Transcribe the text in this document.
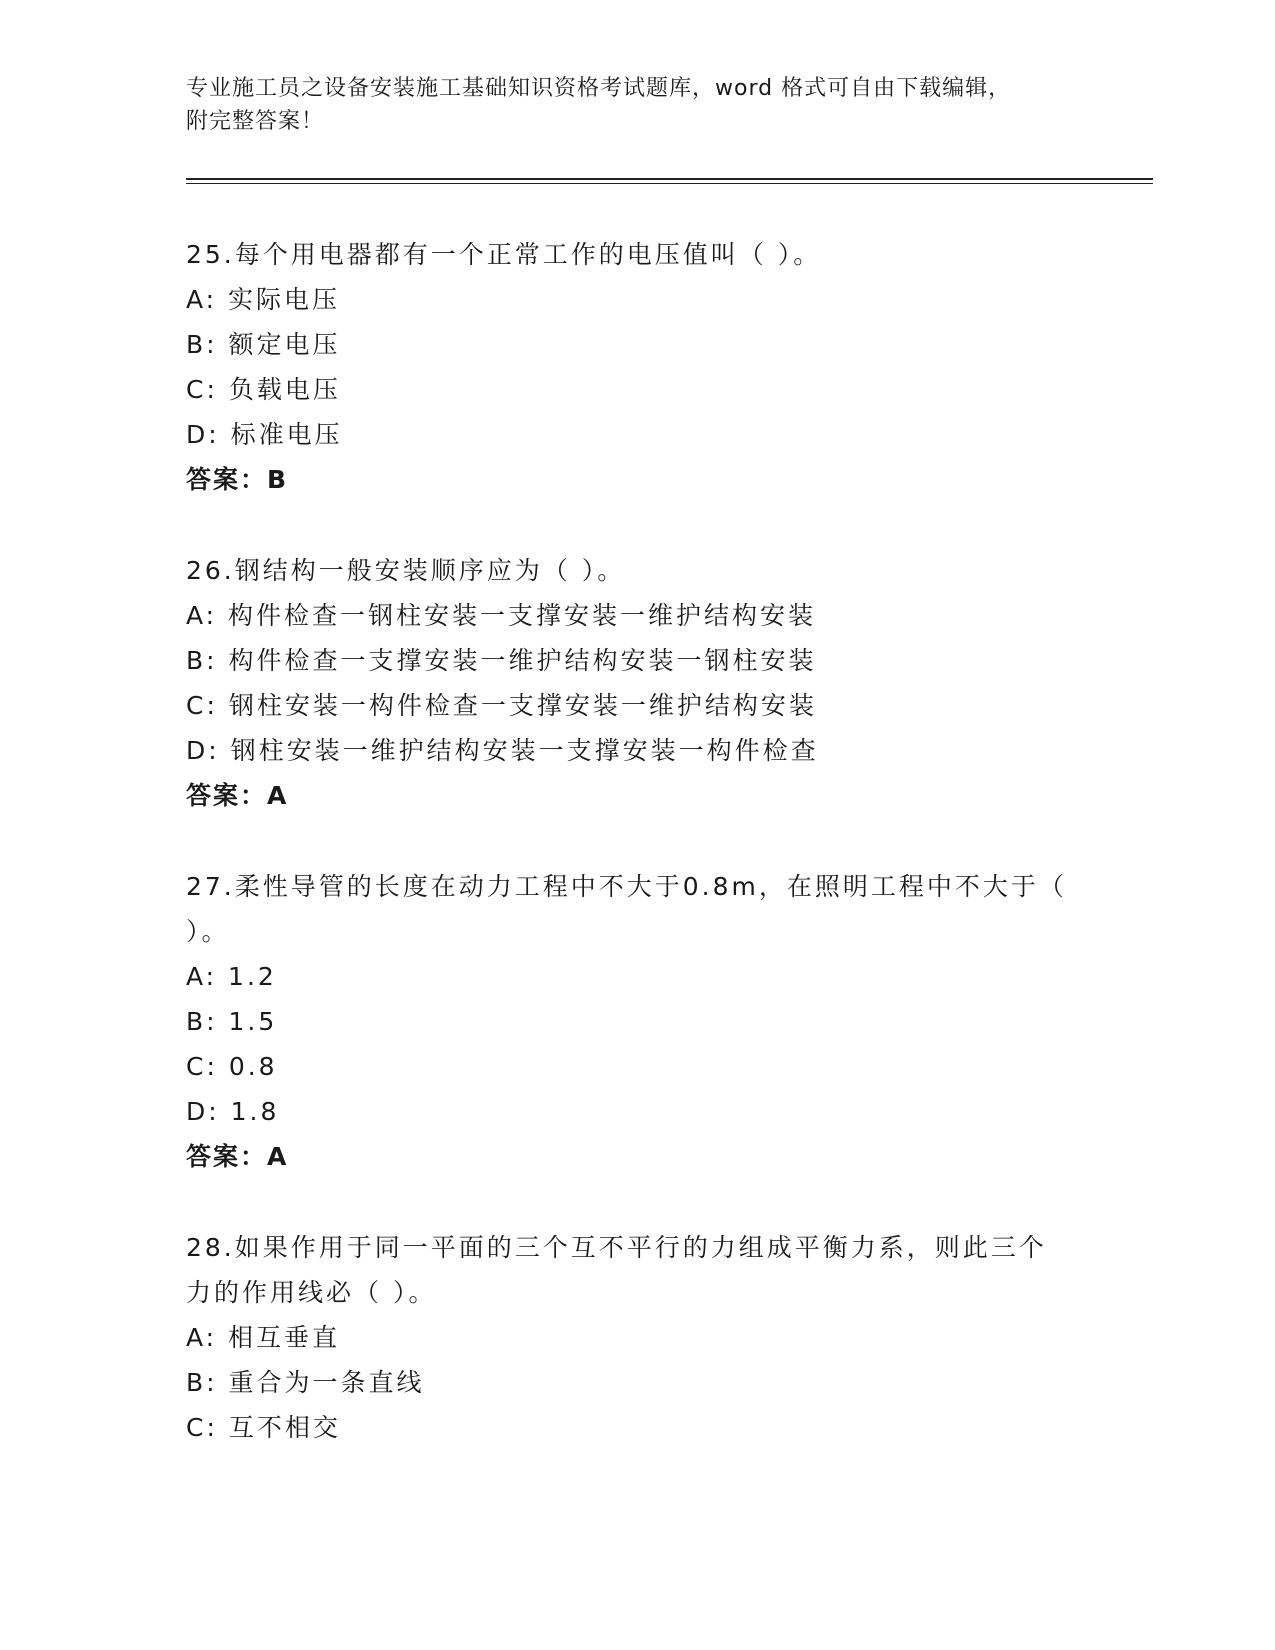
专业施工员之设备安装施工基础知识资格考试题库，word 格式可自由下载编辑，
附完整答案！

25.每个用电器都有一个正常工作的电压值叫（ ）。

A: 实际电压

B: 额定电压

C: 负载电压

D: 标准电压

答案：B

26.钢结构一般安装顺序应为（ ）。

A: 构件检查一钢柱安装一支撑安装一维护结构安装

B: 构件检查一支撑安装一维护结构安装一钢柱安装

C: 钢柱安装一构件检查一支撑安装一维护结构安装

D: 钢柱安装一维护结构安装一支撑安装一构件检查

答案：A

27.柔性导管的长度在动力工程中不大于0.8m，在照明工程中不大于（

）。

A: 1.2

B: 1.5

C: 0.8

D: 1.8

答案：A

28.如果作用于同一平面的三个互不平行的力组成平衡力系，则此三个

力的作用线必（ ）。

A: 相互垂直

B: 重合为一条直线

C: 互不相交
